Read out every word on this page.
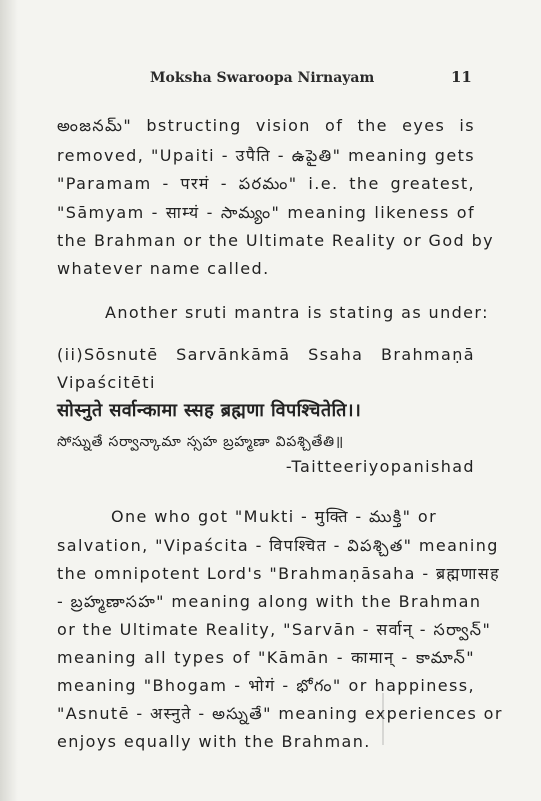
Moksha Swaroopa Nirnayam	11
అంజనమ్" bstructing vision of the eyes is
removed, "Upaiti - उपैति - ఉపైతి" meaning gets
"Paramam - परमं - పరమం" i.e. the greatest,
"Sāmyam - साम्यं - సామ్యం" meaning likeness of
the Brahman or the Ultimate Reality or God by
whatever name called.
Another sruti mantra is stating as under:
(ii)Sōsnutē Sarvānkāmā Ssaha Brahmaṇā
Vipaścitēti
सोस्नुते सर्वान्कामा स्सह ब्रह्मणा विपश्चितेति।।
సోస్నుతే సర్వాన్కామా స్సహ బ్రహ్మణా విపశ్చితేతి॥
-Taitteeriyopanishad
One who got "Mukti - मुक्ति - ముక్తి" or
salvation, "Vipaścita - विपश्चित - విపశ్చిత" meaning
the omnipotent Lord's "Brahmaṇāsaha - ब्रह्मणासह
- బ్రహ్మణాసహ" meaning along with the Brahman
or the Ultimate Reality, "Sarvān - सर्वान् - సర్వాన్"
meaning all types of "Kāmān - कामान् - కామాన్"
meaning "Bhogam - भोगं - భోగం" or happiness,
"Asnutē - अस्नुते - అస్నుతే" meaning experiences or
enjoys equally with the Brahman.
